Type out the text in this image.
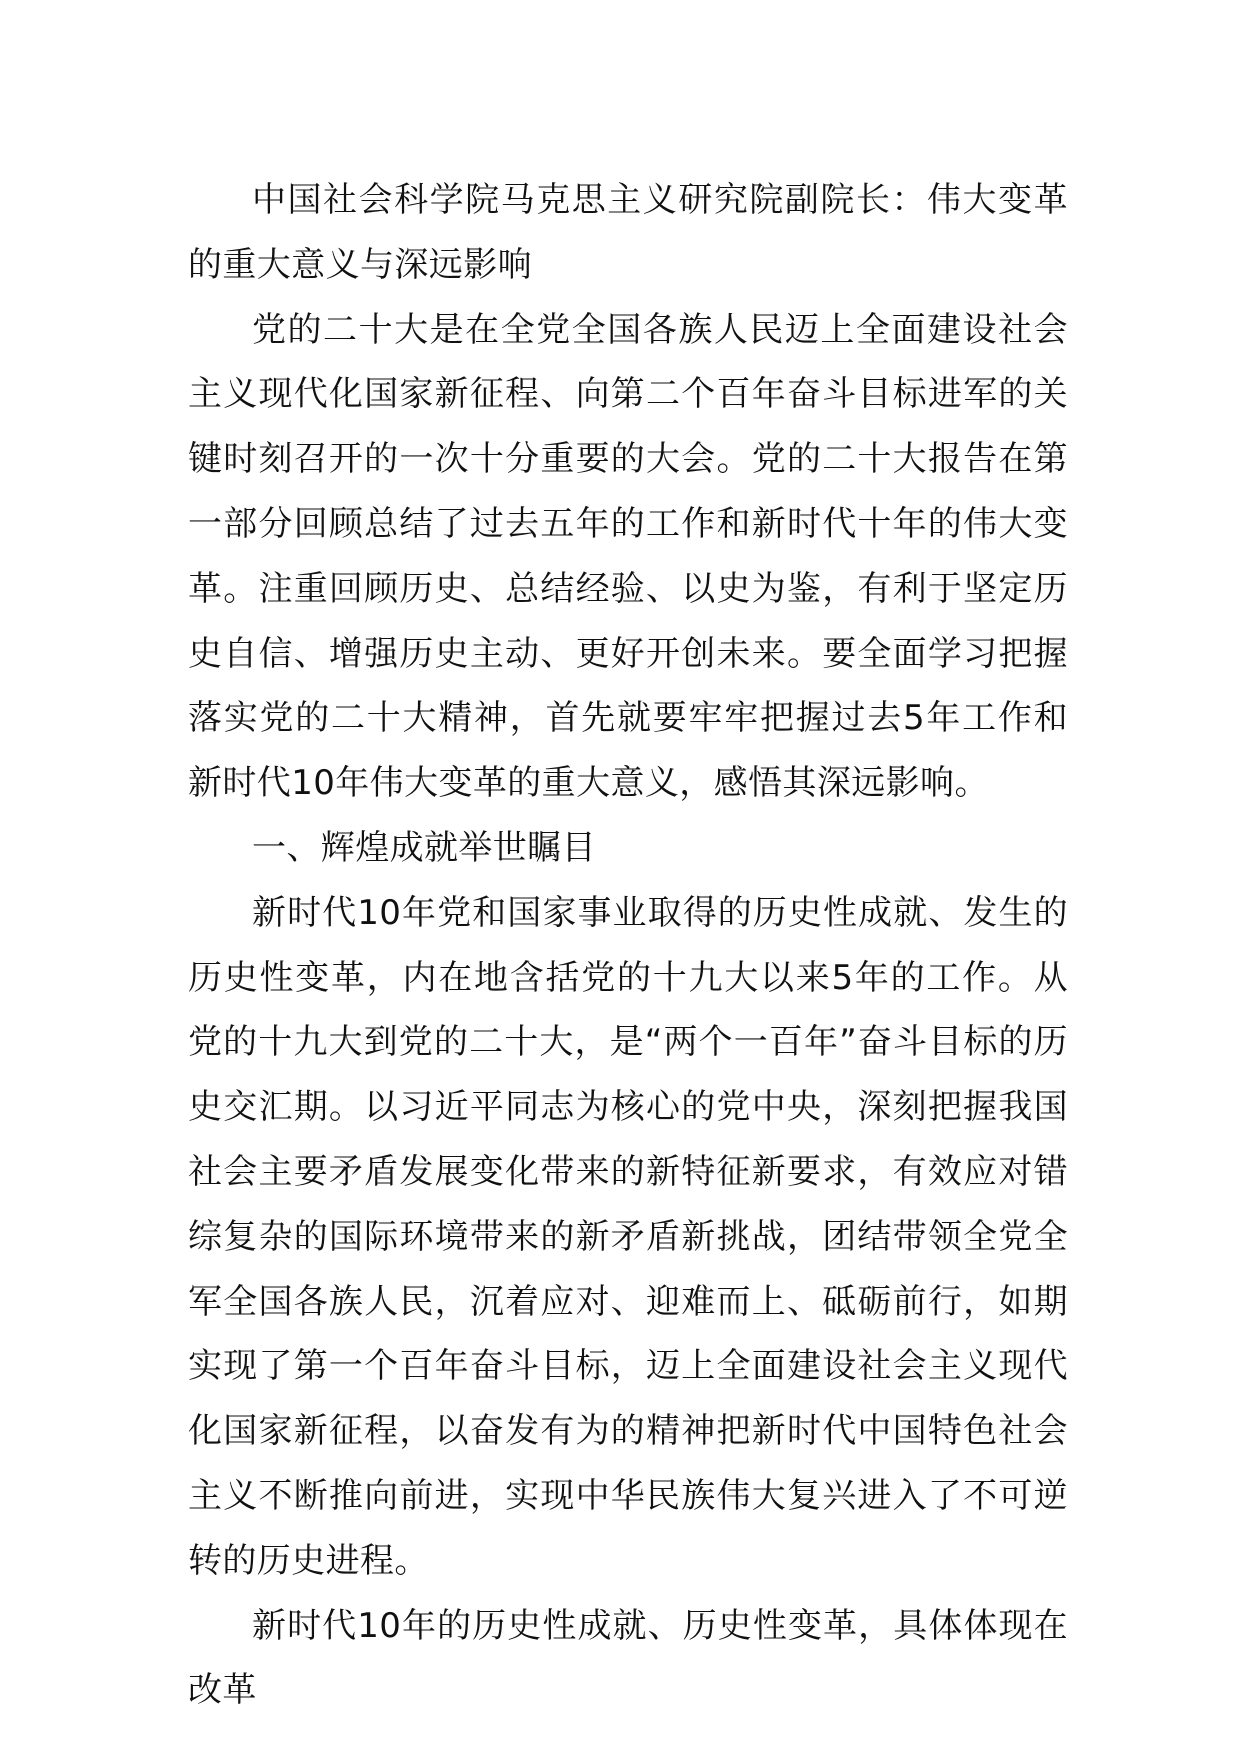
中国社会科学院马克思主义研究院副院长：伟大变革的重大意义与深远影响

党的二十大是在全党全国各族人民迈上全面建设社会主义现代化国家新征程、向第二个百年奋斗目标进军的关键时刻召开的一次十分重要的大会。党的二十大报告在第一部分回顾总结了过去五年的工作和新时代十年的伟大变革。注重回顾历史、总结经验、以史为鉴，有利于坚定历史自信、增强历史主动、更好开创未来。要全面学习把握落实党的二十大精神，首先就要牢牢把握过去5年工作和新时代10年伟大变革的重大意义，感悟其深远影响。

一、辉煌成就举世瞩目

新时代10年党和国家事业取得的历史性成就、发生的历史性变革，内在地含括党的十九大以来5年的工作。从党的十九大到党的二十大，是“两个一百年”奋斗目标的历史交汇期。以习近平同志为核心的党中央，深刻把握我国社会主要矛盾发展变化带来的新特征新要求，有效应对错综复杂的国际环境带来的新矛盾新挑战，团结带领全党全军全国各族人民，沉着应对、迎难而上、砥砺前行，如期实现了第一个百年奋斗目标，迈上全面建设社会主义现代化国家新征程，以奋发有为的精神把新时代中国特色社会主义不断推向前进，实现中华民族伟大复兴进入了不可逆转的历史进程。

新时代10年的历史性成就、历史性变革，具体体现在改革
